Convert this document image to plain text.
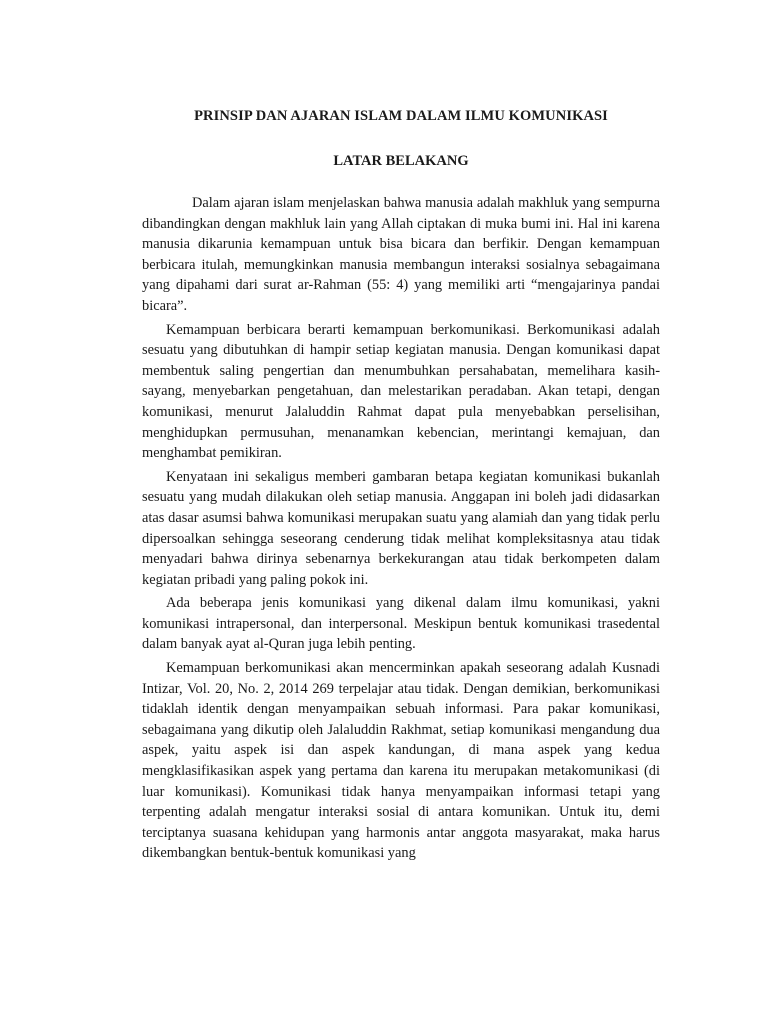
PRINSIP DAN AJARAN ISLAM DALAM ILMU KOMUNIKASI
LATAR BELAKANG

Dalam ajaran islam menjelaskan bahwa manusia adalah makhluk yang sempurna dibandingkan dengan makhluk lain yang Allah ciptakan di muka bumi ini. Hal ini karena manusia dikarunia kemampuan untuk bisa bicara dan berfikir. Dengan kemampuan berbicara itulah, memungkinkan manusia membangun interaksi sosialnya sebagaimana yang dipahami dari surat ar-Rahman (55: 4) yang memiliki arti “mengajarinya pandai bicara”.

Kemampuan berbicara berarti kemampuan berkomunikasi. Berkomunikasi adalah sesuatu yang dibutuhkan di hampir setiap kegiatan manusia. Dengan komunikasi dapat membentuk saling pengertian dan menumbuhkan persahabatan, memelihara kasih-sayang, menyebarkan pengetahuan, dan melestarikan peradaban. Akan tetapi, dengan komunikasi, menurut Jalaluddin Rahmat dapat pula menyebabkan perselisihan, menghidupkan permusuhan, menanamkan kebencian, merintangi kemajuan, dan menghambat pemikiran.

Kenyataan ini sekaligus memberi gambaran betapa kegiatan komunikasi bukanlah sesuatu yang mudah dilakukan oleh setiap manusia. Anggapan ini boleh jadi didasarkan atas dasar asumsi bahwa komunikasi merupakan suatu yang alamiah dan yang tidak perlu dipersoalkan sehingga seseorang cenderung tidak melihat kompleksitasnya atau tidak menyadari bahwa dirinya sebenarnya berkekurangan atau tidak berkompeten dalam kegiatan pribadi yang paling pokok ini.

Ada beberapa jenis komunikasi yang dikenal dalam ilmu komunikasi, yakni komunikasi intrapersonal, dan interpersonal. Meskipun bentuk komunikasi trasedental dalam banyak ayat al-Quran juga lebih penting.

Kemampuan berkomunikasi akan mencerminkan apakah seseorang adalah Kusnadi Intizar, Vol. 20, No. 2, 2014 269 terpelajar atau tidak. Dengan demikian, berkomunikasi tidaklah identik dengan menyampaikan sebuah informasi. Para pakar komunikasi, sebagaimana yang dikutip oleh Jalaluddin Rakhmat, setiap komunikasi mengandung dua aspek, yaitu aspek isi dan aspek kandungan, di mana aspek yang kedua mengklasifikasikan aspek yang pertama dan karena itu merupakan metakomunikasi (di luar komunikasi). Komunikasi tidak hanya menyampaikan informasi tetapi yang terpenting adalah mengatur interaksi sosial di antara komunikan. Untuk itu, demi terciptanya suasana kehidupan yang harmonis antar anggota masyarakat, maka harus dikembangkan bentuk-bentuk komunikasi yang
